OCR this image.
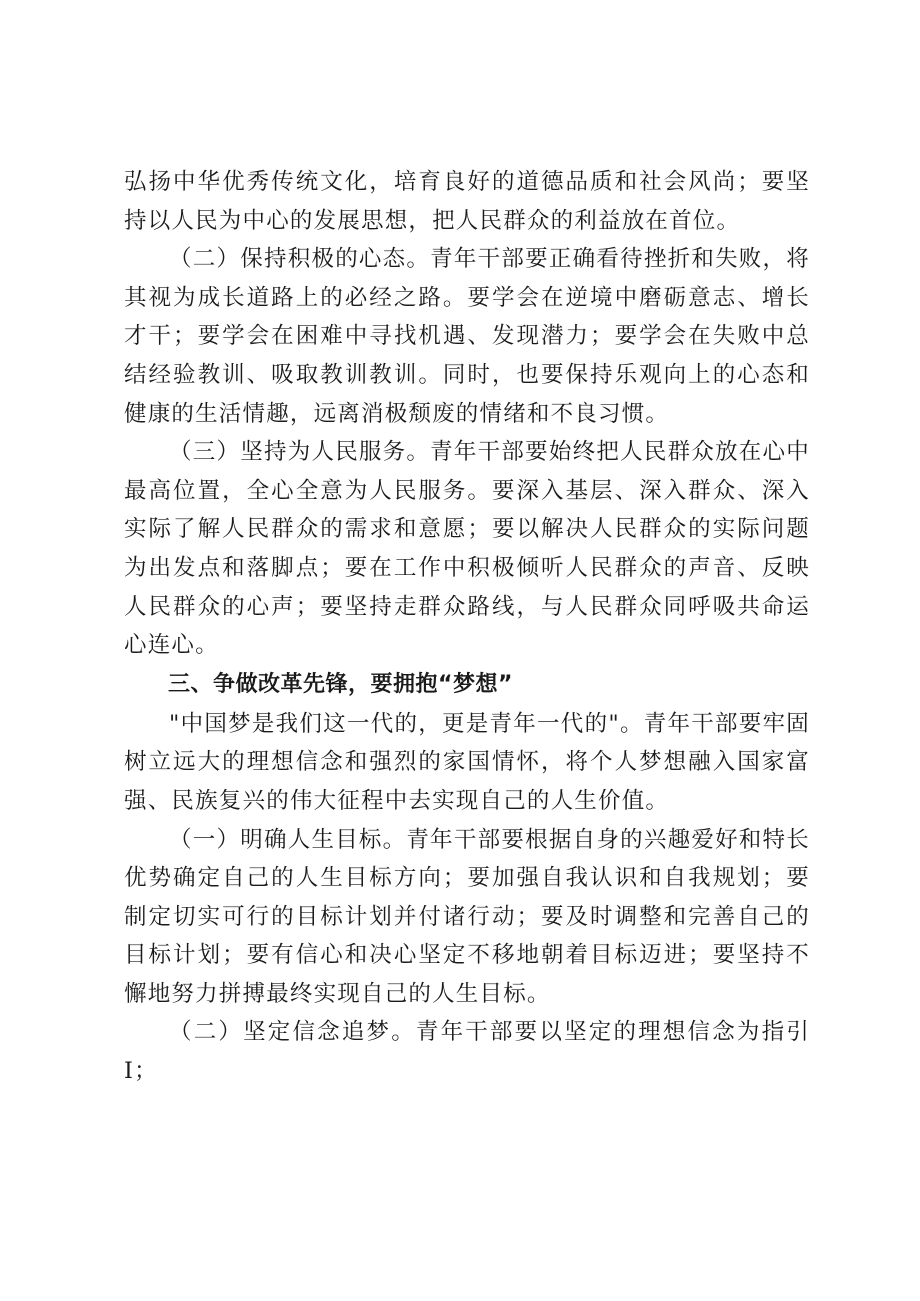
弘扬中华优秀传统文化，培育良好的道德品质和社会风尚；要坚持以人民为中心的发展思想，把人民群众的利益放在首位。

（二）保持积极的心态。青年干部要正确看待挫折和失败，将其视为成长道路上的必经之路。要学会在逆境中磨砺意志、增长才干；要学会在困难中寻找机遇、发现潜力；要学会在失败中总结经验教训、吸取教训教训。同时，也要保持乐观向上的心态和健康的生活情趣，远离消极颓废的情绪和不良习惯。

（三）坚持为人民服务。青年干部要始终把人民群众放在心中最高位置，全心全意为人民服务。要深入基层、深入群众、深入实际了解人民群众的需求和意愿；要以解决人民群众的实际问题为出发点和落脚点；要在工作中积极倾听人民群众的声音、反映人民群众的心声；要坚持走群众路线，与人民群众同呼吸共命运心连心。

三、争做改革先锋，要拥抱“梦想”

"中国梦是我们这一代的，更是青年一代的"。青年干部要牢固树立远大的理想信念和强烈的家国情怀，将个人梦想融入国家富强、民族复兴的伟大征程中去实现自己的人生价值。

（一）明确人生目标。青年干部要根据自身的兴趣爱好和特长优势确定自己的人生目标方向；要加强自我认识和自我规划；要制定切实可行的目标计划并付诸行动；要及时调整和完善自己的目标计划；要有信心和决心坚定不移地朝着目标迈进；要坚持不懈地努力拼搏最终实现自己的人生目标。

（二）坚定信念追梦。青年干部要以坚定的理想信念为指引I；
